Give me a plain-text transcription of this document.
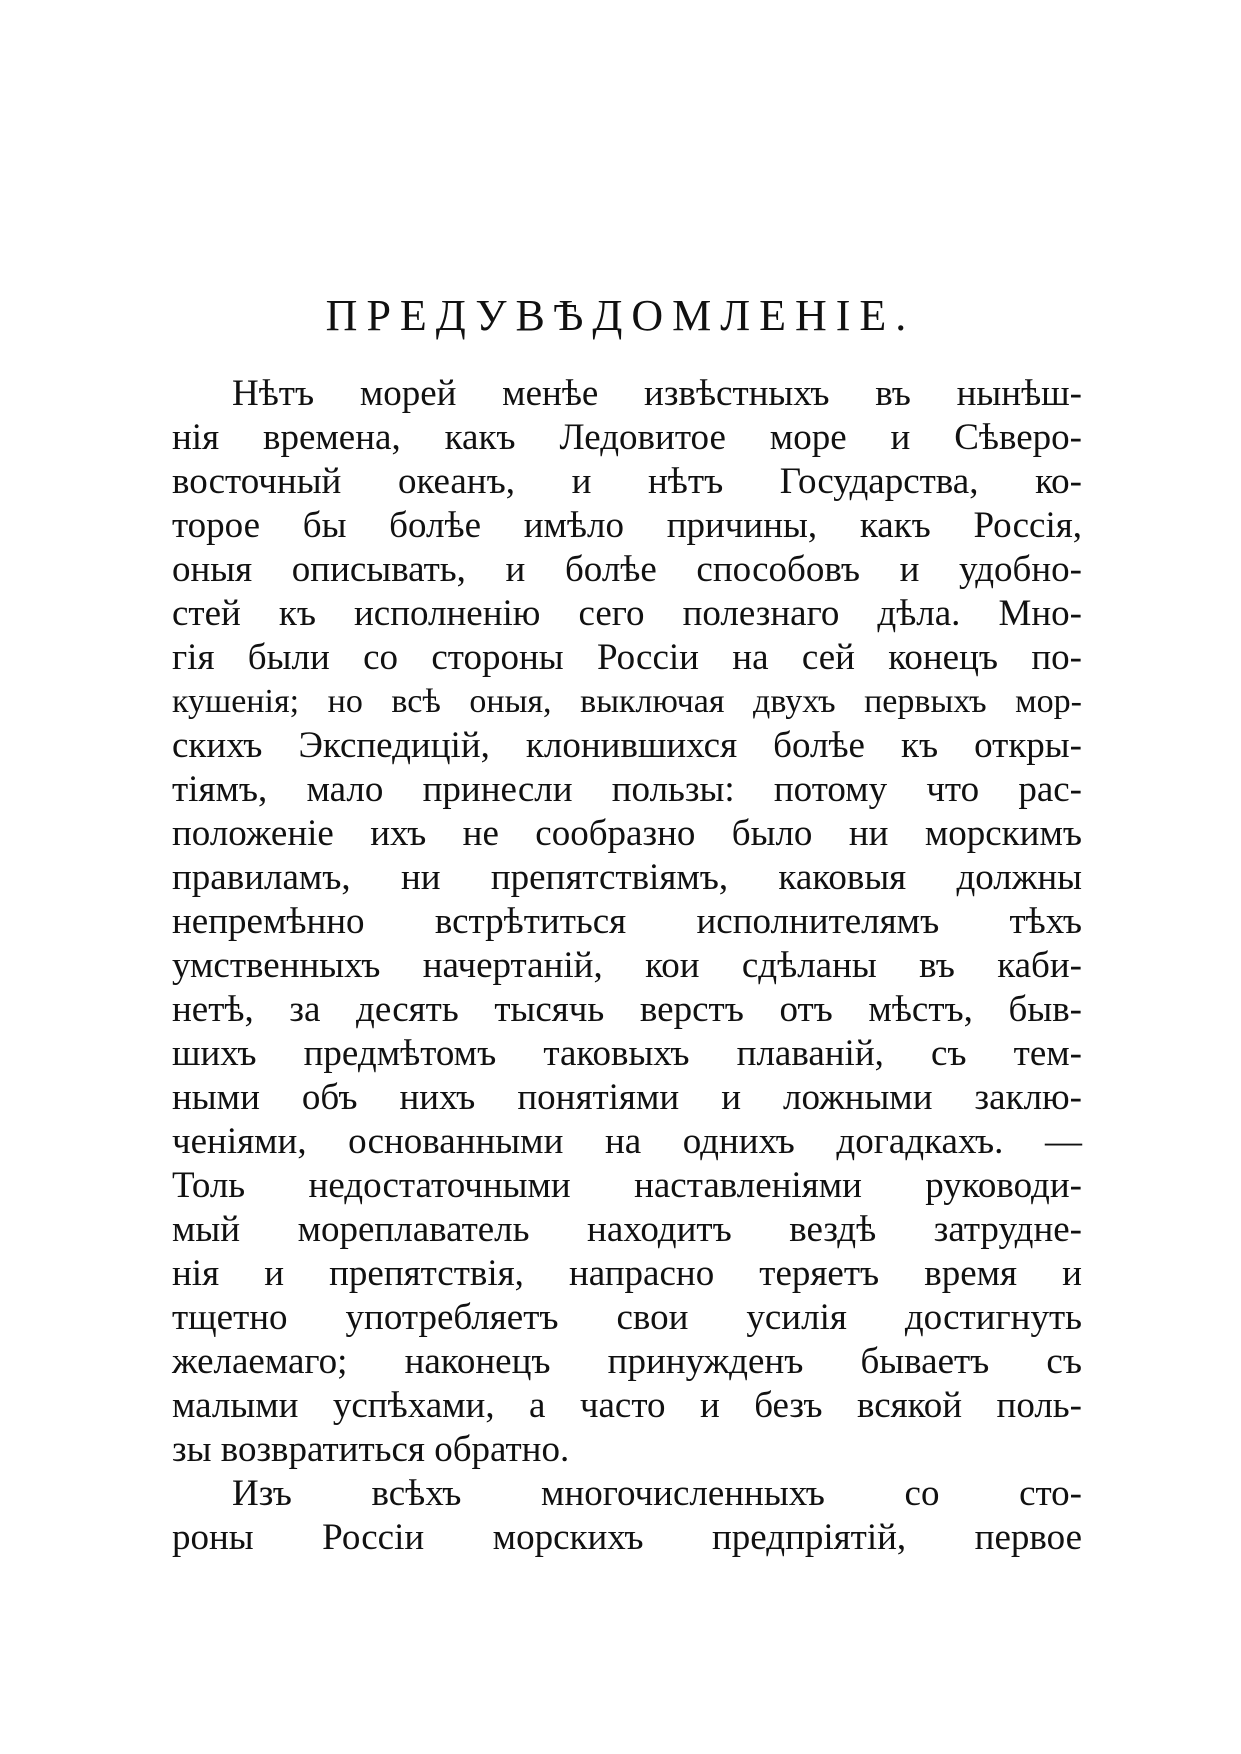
ПРЕДУВѢДОМЛЕНІЕ.
Нѣтъ морей менѣе извѣстныхъ въ нынѣш-
нія времена, какъ Ледовитое море и Сѣверо-
восточный океанъ, и нѣтъ Государства, ко-
торое бы болѣе имѣло причины, какъ Россія,
оныя описывать, и болѣе способовъ и удобно-
стей къ исполненію сего полезнаго дѣла. Мно-
гія были со стороны Россіи на сей конецъ по-
кушенія; но всѣ оныя, выключая двухъ первыхъ мор-
скихъ Экспедицій, клонившихся болѣе къ откры-
тіямъ, мало принесли пользы: потому что рас-
положеніе ихъ не сообразно было ни морскимъ
правиламъ, ни препятствіямъ, каковыя должны
непремѣнно встрѣтиться исполнителямъ тѣхъ
умственныхъ начертаній, кои сдѣланы въ каби-
нетѣ, за десять тысячь верстъ отъ мѣстъ, быв-
шихъ предмѣтомъ таковыхъ плаваній, съ тем-
ными объ нихъ понятіями и ложными заклю-
ченіями, основанными на однихъ догадкахъ. —
Толь недостаточными наставленіями руководи-
мый мореплаватель находитъ вездѣ затрудне-
нія и препятствія, напрасно теряетъ время и
тщетно употребляетъ свои усилія достигнуть
желаемаго; наконецъ принужденъ бываетъ съ
малыми успѣхами, а часто и безъ всякой поль-
зы возвратиться обратно.
Изъ всѣхъ многочисленныхъ со сто-
роны Россіи морскихъ предпріятій, первое
